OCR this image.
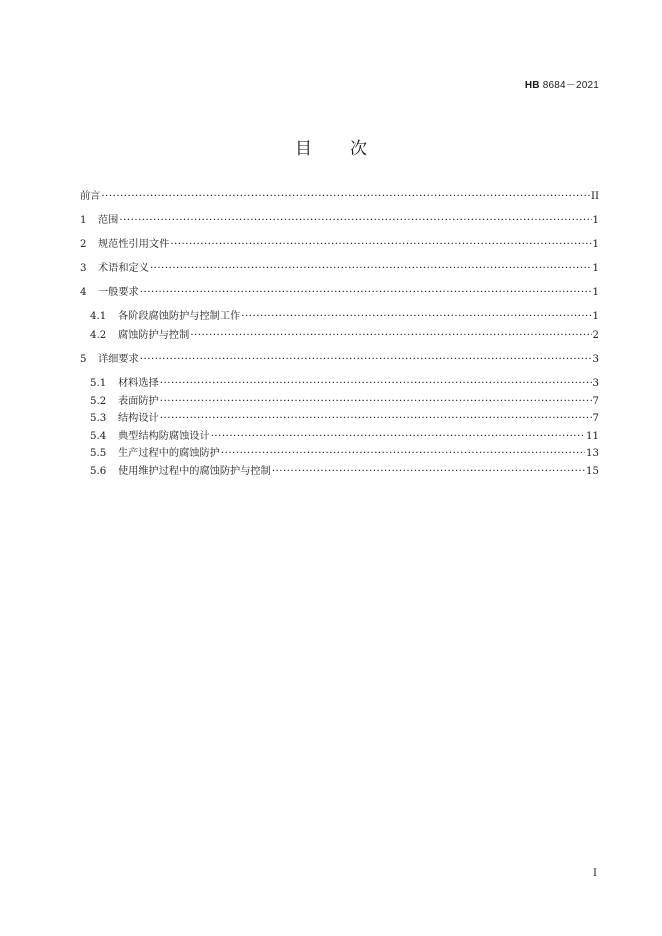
HB 8684－2021
目次
前言 ·····	II
1	范围 ·····	1
2	规范性引用文件 ·····	1
3	术语和定义 ·····	1
4	一般要求 ·····	1
4.1	各阶段腐蚀防护与控制工作 ·····	1
4.2	腐蚀防护与控制 ·····	2
5	详细要求 ·····	3
5.1	材料选择 ·····	3
5.2	表面防护 ·····	7
5.3	结构设计 ·····	7
5.4	典型结构防腐蚀设计 ·····	11
5.5	生产过程中的腐蚀防护 ·····	13
5.6	使用维护过程中的腐蚀防护与控制 ·····	15
I
